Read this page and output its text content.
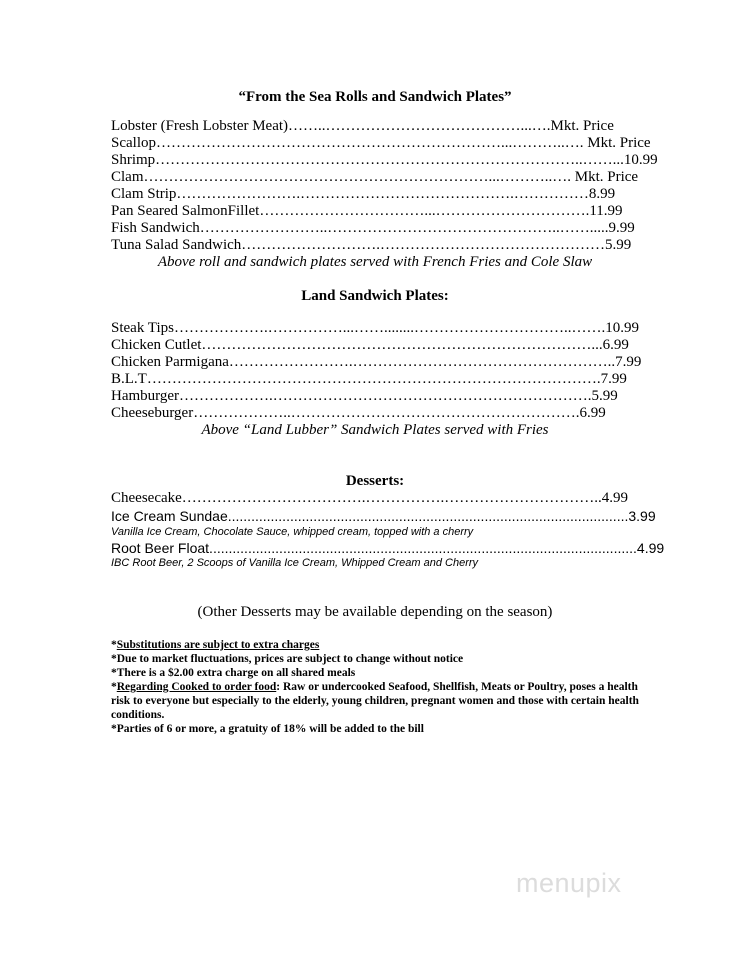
“From the Sea Rolls and Sandwich Plates”
Lobster (Fresh Lobster Meat)……..…………………………………...….Mkt. Price
Scallop……………………………………………………………...………..…. Mkt. Price
Shrimp…………………………………………………………………………..……...10.99
Clam……………………………………………………………...………..…. Mkt. Price
Clam Strip…………………….…………………………………….……………8.99
Pan Seared SalmonFillet……………………………...………………………….11.99
Fish Sandwich……………………..………………………………………..…….....9.99
Tuna Salad Sandwich……………………….………………………………………5.99
Above roll and sandwich plates served with French Fries and Cole Slaw
Land Sandwich Plates:
Steak Tips……………….……………...……........…………………………..…….10.99
Chicken Cutlet……………………………………………………………………...6.99
Chicken Parmigana…………………….……………………………………………..7.99
B.L.T……………………………………………………………………………….7.99
Hamburger……………….……………………………………………………….5.99
Cheeseburger………………..………………………………………………….6.99
Above “Land Lubber” Sandwich Plates served with Fries
Desserts:
Cheesecake……………………………….…………….…………………………..4.99
Ice Cream Sundae.......................................................................................................3.99
Vanilla Ice Cream, Chocolate Sauce, whipped cream, topped with a cherry
Root Beer Float..............................................................................................................4.99
IBC Root Beer, 2 Scoops of Vanilla Ice Cream, Whipped Cream and Cherry
(Other Desserts may be available depending on the season)
*Substitutions are subject to extra charges
*Due to market fluctuations, prices are subject to change without notice
*There is a $2.00 extra charge on all shared meals
*Regarding Cooked to order food: Raw or undercooked Seafood, Shellfish, Meats or Poultry, poses a health risk to everyone but especially to the elderly, young children, pregnant women and those with certain health conditions.
*Parties of 6 or more, a gratuity of 18% will be added to the bill
menupix
